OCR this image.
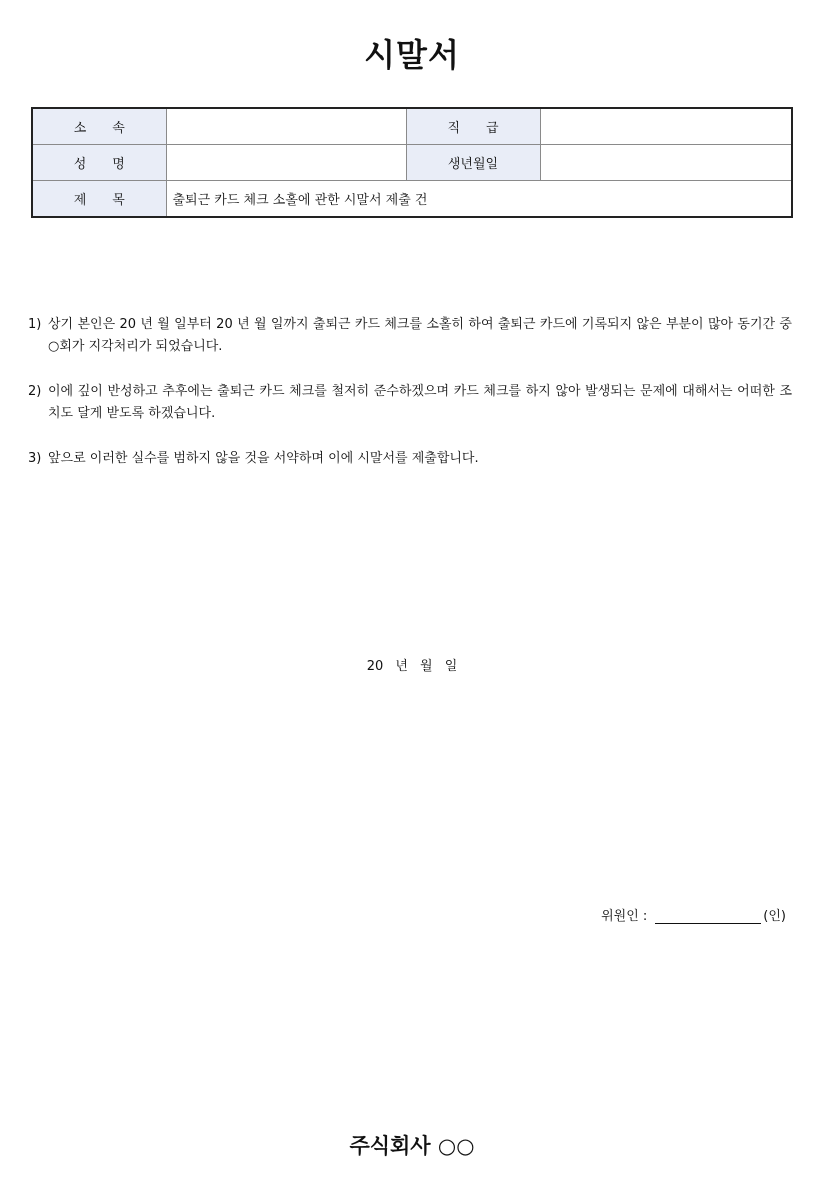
시말서
소속		직급	
성명		생년월일	
제목	출퇴근 카드 체크 소홀에 관한 시말서 제출 건		
1) 상기 본인은 20 년 월 일부터 20 년 월 일까지 출퇴근 카드 체크를 소홀히 하여 출퇴근 카드에 기록되지 않은 부분이 많아 동기간 중 ○회가 지각처리가 되었습니다.
2) 이에 깊이 반성하고 추후에는 출퇴근 카드 체크를 철저히 준수하겠으며 카드 체크를 하지 않아 발생되는 문제에 대해서는 어떠한 조치도 달게 받도록 하겠습니다.
3) 앞으로 이러한 실수를 범하지 않을 것을 서약하며 이에 시말서를 제출합니다.
20 년 월 일
위원인 :	(인)
주식회사 ○○
